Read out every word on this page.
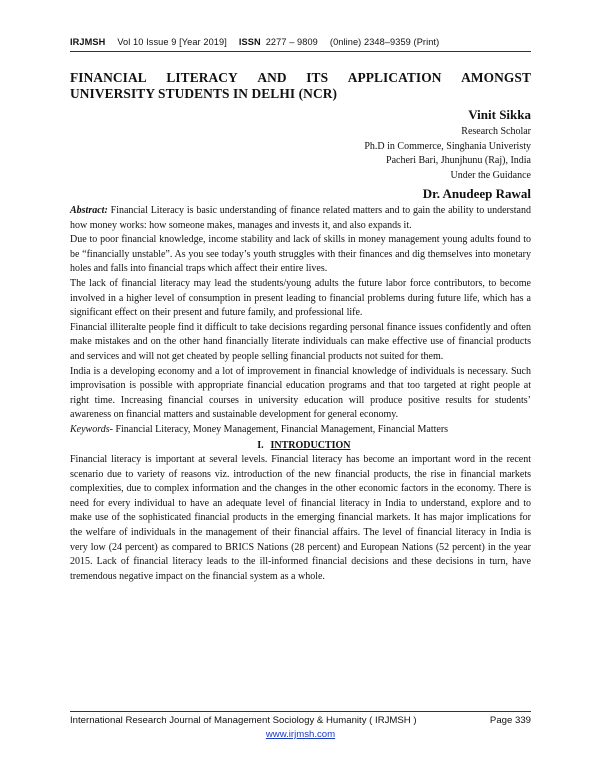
IRJMSH Vol 10 Issue 9 [Year 2019] ISSN 2277 – 9809 (0nline) 2348–9359 (Print)
FINANCIAL LITERACY AND ITS APPLICATION AMONGST
UNIVERSITY STUDENTS IN DELHI (NCR)
Vinit Sikka
Research Scholar
Ph.D in Commerce, Singhania Univeristy
Pacheri Bari, Jhunjhunu (Raj), India
Under the Guidance
Dr. Anudeep Rawal

Abstract: Financial Literacy is basic understanding of finance related matters and to gain the ability to understand how money works: how someone makes, manages and invests it, and also expands it.

Due to poor financial knowledge, income stability and lack of skills in money management young adults found to be “financially unstable”. As you see today’s youth struggles with their finances and dig themselves into monetary holes and falls into financial traps which affect their entire lives.

The lack of financial literacy may lead the students/young adults the future labor force contributors, to become involved in a higher level of consumption in present leading to financial problems during future life, which has a significant effect on their present and future family, and professional life.

Financial illiteralte people find it difficult to take decisions regarding personal finance issues confidently and often make mistakes and on the other hand financially literate individuals can make effective use of financial products and services and will not get cheated by people selling financial products not suited for them.

India is a developing economy and a lot of improvement in financial knowledge of individuals is necessary. Such improvisation is possible with appropriate financial education programs and that too targeted at right people at right time. Increasing financial courses in university education will produce positive results for students’ awareness on financial matters and sustainable development for general economy.

Keywords- Financial Literacy, Money Management, Financial Management, Financial Matters

I. INTRODUCTION

Financial literacy is important at several levels. Financial literacy has become an important word in the recent scenario due to variety of reasons viz. introduction of the new financial products, the rise in financial markets complexities, due to complex information and the changes in the other economic factors in the economy. There is need for every individual to have an adequate level of financial literacy in India to understand, explore and to make use of the sophisticated financial products in the emerging financial markets. It has major implications for the welfare of individuals in the management of their financial affairs. The level of financial literacy in India is very low (24 percent) as compared to BRICS Nations (28 percent) and European Nations (52 percent) in the year 2015. Lack of financial literacy leads to the ill-informed financial decisions and these decisions in turn, have tremendous negative impact on the financial system as a whole.

International Research Journal of Management Sociology & Humanity ( IRJMSH )	Page 339
www.irjmsh.com
